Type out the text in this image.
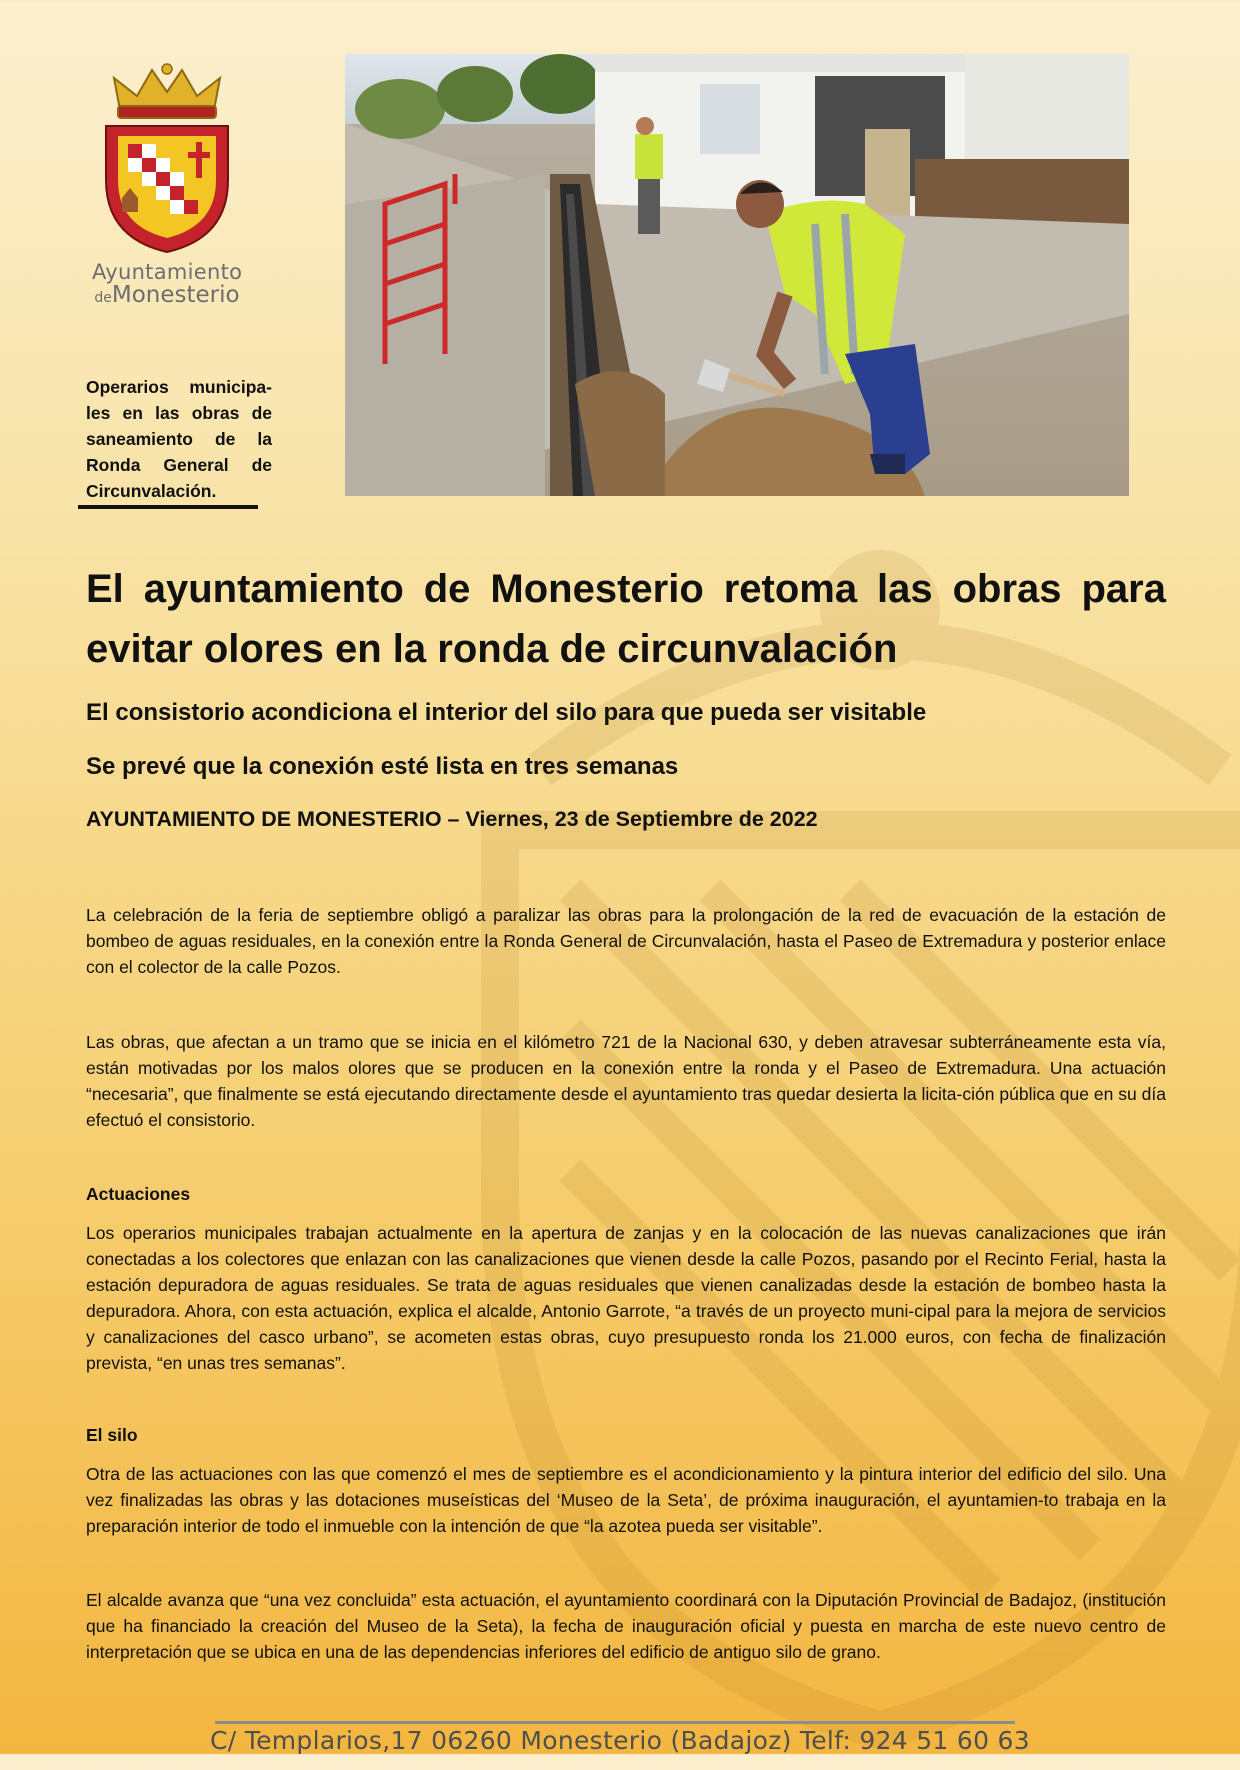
Ayuntamiento
deMonesterio

Operarios municipa-les en las obras de saneamiento de la Ronda General de Circunvalación.

El ayuntamiento de Monesterio retoma las obras para evitar olores en la ronda de circunvalación
El consistorio acondiciona el interior del silo para que pueda ser visitable
Se prevé que la conexión esté lista en tres semanas
AYUNTAMIENTO DE MONESTERIO – Viernes, 23 de Septiembre de 2022

La celebración de la feria de septiembre obligó a paralizar las obras para la prolongación de la red de evacuación de la estación de bombeo de aguas residuales, en la conexión entre la Ronda General de Circunvalación, hasta el Paseo de Extremadura y posterior enlace con el colector de la calle Pozos.

Las obras, que afectan a un tramo que se inicia en el kilómetro 721 de la Nacional 630, y deben atravesar subterráneamente esta vía, están motivadas por los malos olores que se producen en la conexión entre la ronda y el Paseo de Extremadura. Una actuación “necesaria”, que finalmente se está ejecutando directamente desde el ayuntamiento tras quedar desierta la licita-ción pública que en su día efectuó el consistorio.

Actuaciones

Los operarios municipales trabajan actualmente en la apertura de zanjas y en la colocación de las nuevas canalizaciones que irán conectadas a los colectores que enlazan con las canalizaciones que vienen desde la calle Pozos, pasando por el Recinto Ferial, hasta la estación depuradora de aguas residuales. Se trata de aguas residuales que vienen canalizadas desde la estación de bombeo hasta la depuradora. Ahora, con esta actuación, explica el alcalde, Antonio Garrote, “a través de un proyecto muni-cipal para la mejora de servicios y canalizaciones del casco urbano”, se acometen estas obras, cuyo presupuesto ronda los 21.000 euros, con fecha de finalización prevista, “en unas tres semanas”.

El silo

Otra de las actuaciones con las que comenzó el mes de septiembre es el acondicionamiento y la pintura interior del edificio del silo. Una vez finalizadas las obras y las dotaciones museísticas del ‘Museo de la Seta’, de próxima inauguración, el ayuntamien-to trabaja en la preparación interior de todo el inmueble con la intención de que “la azotea pueda ser visitable”.

El alcalde avanza que “una vez concluida” esta actuación, el ayuntamiento coordinará con la Diputación Provincial de Badajoz, (institución que ha financiado la creación del Museo de la Seta), la fecha de inauguración oficial y puesta en marcha de este nuevo centro de interpretación que se ubica en una de las dependencias inferiores del edificio de antiguo silo de grano.

C/ Templarios,17 06260 Monesterio (Badajoz) Telf: 924 51 60 63
